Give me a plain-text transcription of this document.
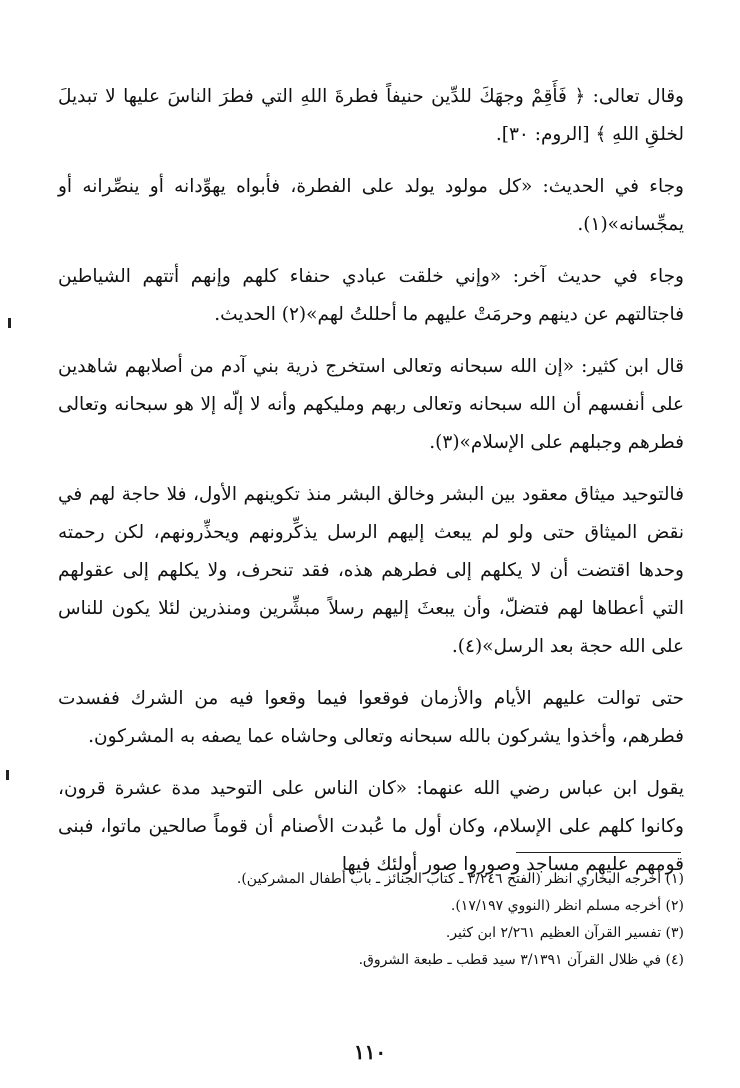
وقال تعالى: ﴿ فَأَقِمْ وجهَكَ للدِّين حنيفاً فطرةَ اللهِ التي فطرَ الناسَ عليها لا تبديلَ لخلقِ اللهِ ﴾ [الروم: ٣٠].

وجاء في الحديث: «كل مولود يولد على الفطرة، فأبواه يهوِّدانه أو ينصِّرانه أو يمجِّسانه»(١).

وجاء في حديث آخر: «وإني خلقت عبادي حنفاء كلهم وإنهم أتتهم الشياطين فاجتالتهم عن دينهم وحرمَتْ عليهم ما أحللتُ لهم»(٢) الحديث.

قال ابن كثير: «إن الله سبحانه وتعالى استخرج ذرية بني آدم من أصلابهم شاهدين على أنفسهم أن الله سبحانه وتعالى ربهم ومليكهم وأنه لا إلّه إلا هو سبحانه وتعالى فطرهم وجبلهم على الإسلام»(٣).

فالتوحيد ميثاق معقود بين البشر وخالق البشر منذ تكوينهم الأول، فلا حاجة لهم في نقض الميثاق حتى ولو لم يبعث إليهم الرسل يذكِّرونهم ويحذِّرونهم، لكن رحمته وحدها اقتضت أن لا يكلهم إلى فطرهم هذه، فقد تنحرف، ولا يكلهم إلى عقولهم التي أعطاها لهم فتضلّ، وأن يبعثَ إليهم رسلاً مبشِّرين ومنذرين لئلا يكون للناس على الله حجة بعد الرسل»(٤).

حتى توالت عليهم الأيام والأزمان فوقعوا فيما وقعوا فيه من الشرك ففسدت فطرهم، وأخذوا يشركون بالله سبحانه وتعالى وحاشاه عما يصفه به المشركون.

يقول ابن عباس رضي الله عنهما: «كان الناس على التوحيد مدة عشرة قرون، وكانوا كلهم على الإسلام، وكان أول ما عُبدت الأصنام أن قوماً صالحين ماتوا، فبنى قومهم عليهم مساجد وصوروا صور أولئك فيها

(١) أخرجه البخاري انظر (الفتح ٣/٢٤٦ ـ كتاب الجنائز ـ باب أطفال المشركين).
(٢) أخرجه مسلم انظر (النووي ١٧/١٩٧).
(٣) تفسير القرآن العظيم ٢/٢٦١ ابن كثير.
(٤) في ظلال القرآن ٣/١٣٩١ سيد قطب ـ طبعة الشروق.
١١٠
